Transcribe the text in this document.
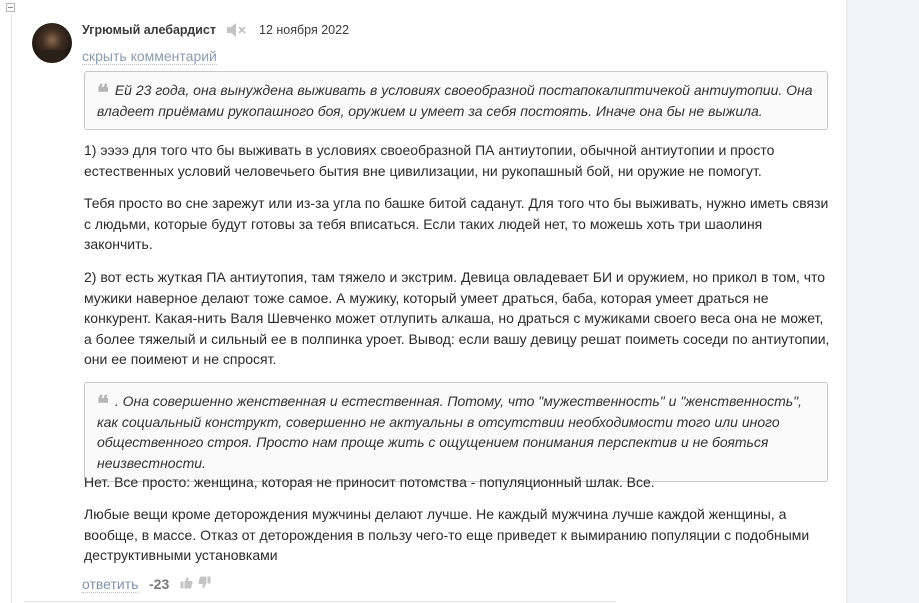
Угрюмый алебардист	12 ноября 2022
скрыть комментарий
❝ Ей 23 года, она вынуждена выживать в условиях своеобразной постапокалиптичекой антиутопии. Она владеет приёмами рукопашного боя, оружием и умеет за себя постоять. Иначе она бы не выжила.
1) ээээ для того что бы выживать в условиях своеобразной ПА антиутопии, обычной антиутопии и просто естественных условий человечьего бытия вне цивилизации, ни рукопашный бой, ни оружие не помогут.
Тебя просто во сне зарежут или из-за угла по башке битой саданут. Для того что бы выживать, нужно иметь связи с людьми, которые будут готовы за тебя вписаться. Если таких людей нет, то можешь хоть три шаолиня закончить.
2) вот есть жуткая ПА антиутопия, там тяжело и экстрим. Девица овладевает БИ и оружием, но прикол в том, что мужики наверное делают тоже самое. А мужику, который умеет драться, баба, которая умеет драться не конкурент. Какая-нить Валя Шевченко может отлупить алкаша, но драться с мужиками своего веса она не может, а более тяжелый и сильный ее в полпинка уроет. Вывод: если вашу девицу решат поиметь соседи по антиутопии, они ее поимеют и не спросят.
❝ . Она совершенно женственная и естественная. Потому, что "мужественность" и "женственность", как социальный конструкт, совершенно не актуальны в отсутствии необходимости того или иного общественного строя. Просто нам проще жить с ощущением понимания перспектив и не бояться неизвестности.
Нет. Все просто: женщина, которая не приносит потомства - популяционный шлак. Все.
Любые вещи кроме деторождения мужчины делают лучше. Не каждый мужчина лучше каждой женщины, а вообще, в массе. Отказ от деторождения в пользу чего-то еще приведет к вымиранию популяции с подобными деструктивными установками
ответить -23
